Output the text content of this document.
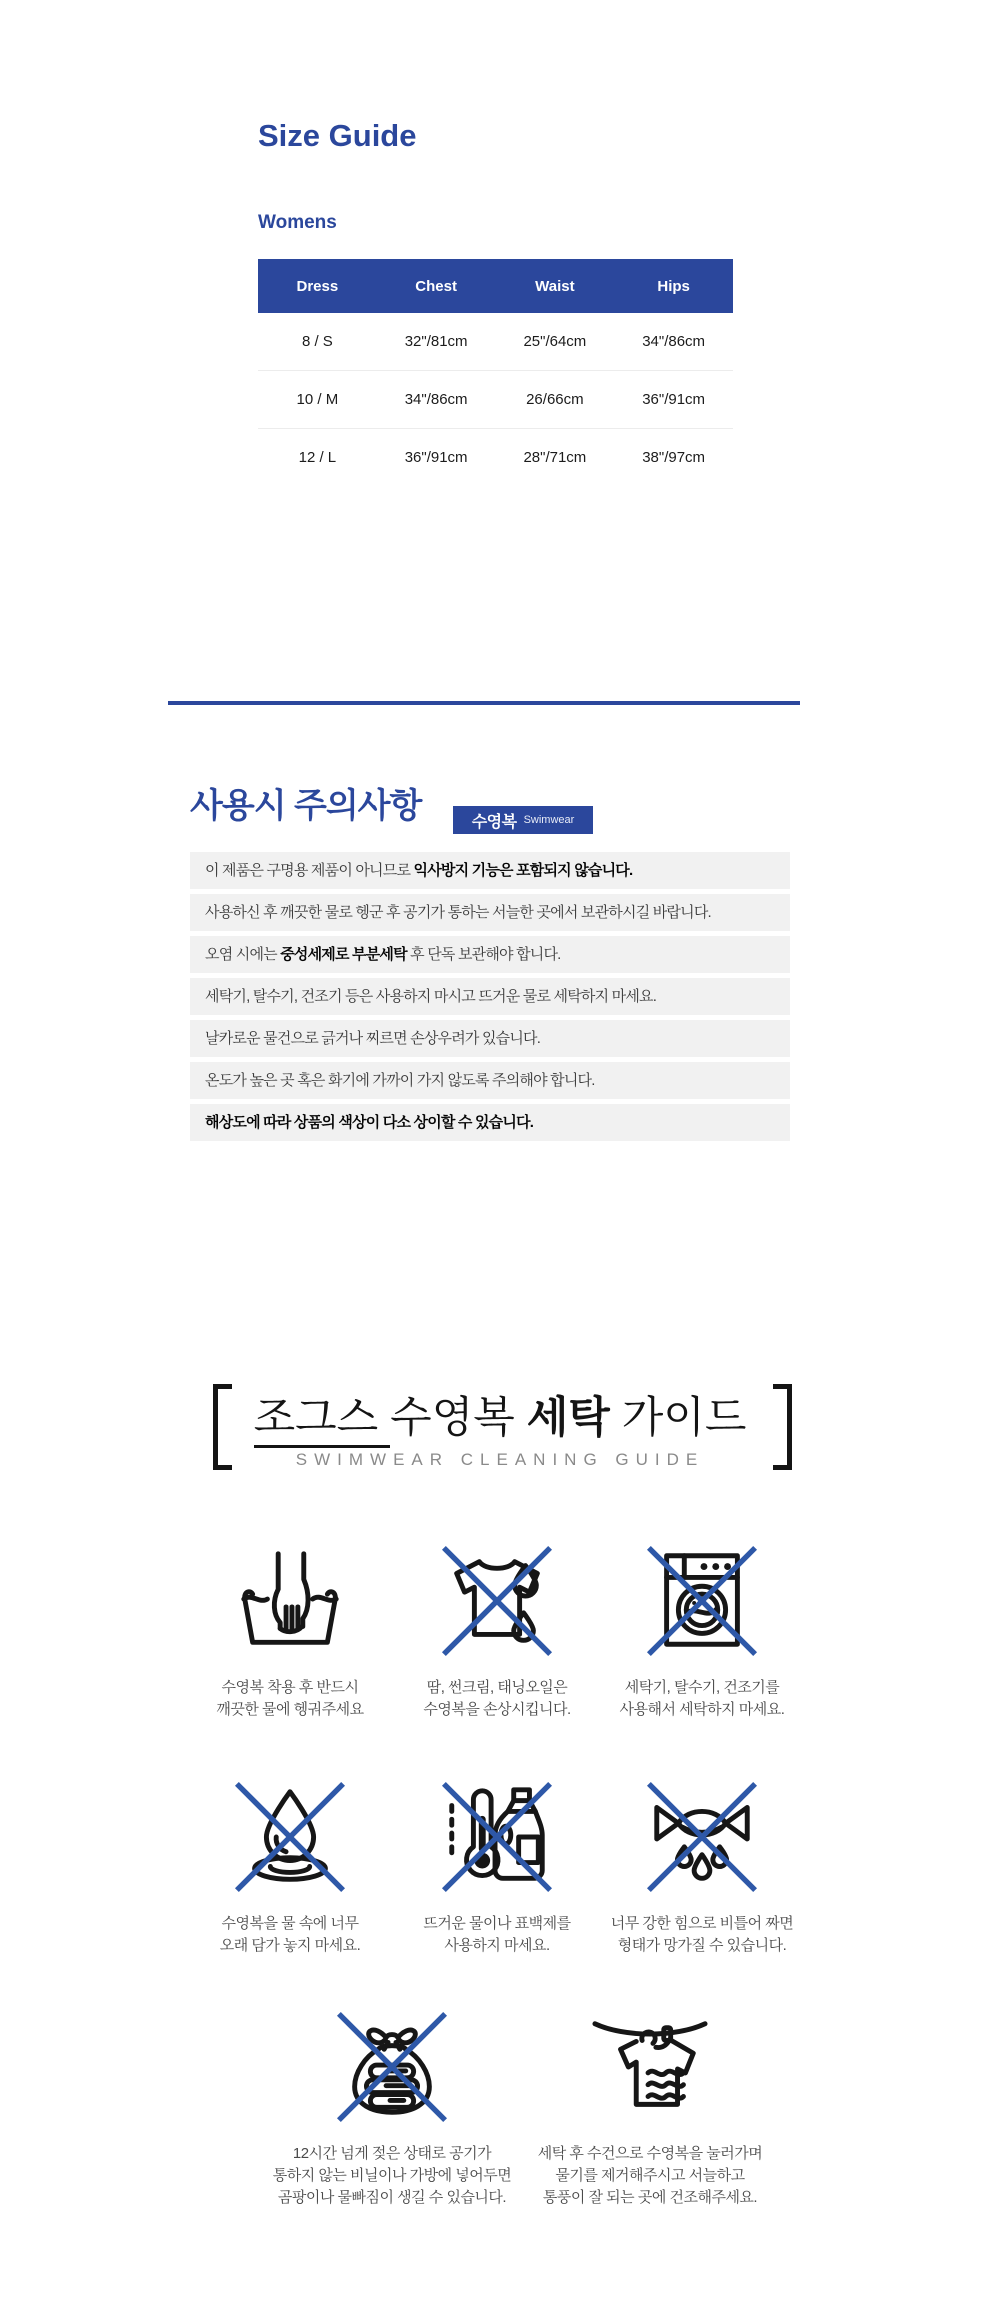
Size Guide
Womens
Dress	Chest	Waist	Hips
8 / S	32"/81cm	25"/64cm	34"/86cm
10 / M	34"/86cm	26/66cm	36"/91cm
12 / L	36"/91cm	28"/71cm	38"/97cm
사용시 주의사항	수영복 Swimwear
이 제품은 구명용 제품이 아니므로 익사방지 기능은 포함되지 않습니다.
사용하신 후 깨끗한 물로 헹군 후 공기가 통하는 서늘한 곳에서 보관하시길 바랍니다.
오염 시에는 중성세제로 부분세탁 후 단독 보관해야 합니다.
세탁기, 탈수기, 건조기 등은 사용하지 마시고 뜨거운 물로 세탁하지 마세요.
날카로운 물건으로 긁거나 찌르면 손상우려가 있습니다.
온도가 높은 곳 혹은 화기에 가까이 가지 않도록 주의해야 합니다.
해상도에 따라 상품의 색상이 다소 상이할 수 있습니다.
조그스 수영복 세탁 가이드
SWIMWEAR CLEANING GUIDE
수영복 착용 후 반드시
깨끗한 물에 헹궈주세요
땀, 썬크림, 태닝오일은
수영복을 손상시킵니다.
세탁기, 탈수기, 건조기를
사용해서 세탁하지 마세요.
수영복을 물 속에 너무
오래 담가 놓지 마세요.
뜨거운 물이나 표백제를
사용하지 마세요.
너무 강한 힘으로 비틀어 짜면
형태가 망가질 수 있습니다.
12시간 넘게 젖은 상태로 공기가
통하지 않는 비닐이나 가방에 넣어두면
곰팡이나 물빠짐이 생길 수 있습니다.
세탁 후 수건으로 수영복을 눌러가며
물기를 제거해주시고 서늘하고
통풍이 잘 되는 곳에 건조해주세요.
